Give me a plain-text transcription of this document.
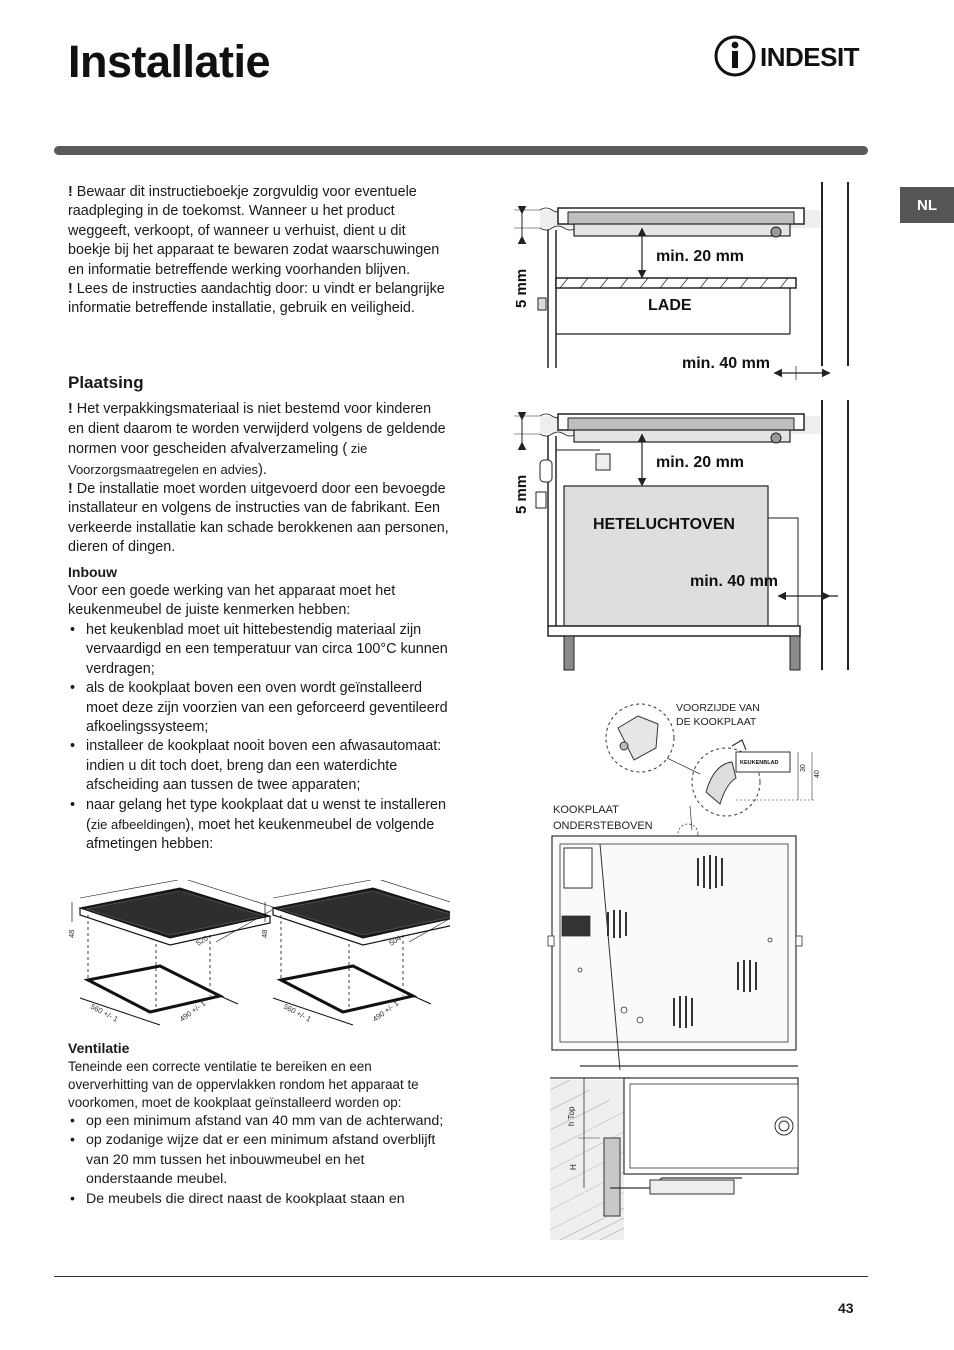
Installatie	INDESIT
NL

! Bewaar dit instructieboekje zorgvuldig voor eventuele raadpleging in de toekomst. Wanneer u het product weggeeft, verkoopt, of wanneer u verhuist, dient u dit boekje bij het apparaat te bewaren zodat waarschuwingen en informatie betreffende werking voorhanden blijven.

! Lees de instructies aandachtig door: u vindt er belangrijke informatie betreffende installatie, gebruik en veiligheid.

Plaatsing

! Het verpakkingsmateriaal is niet bestemd voor kinderen en dient daarom te worden verwijderd volgens de geldende normen voor gescheiden afvalverzameling ( zie Voorzorgsmaatregelen en advies).

! De installatie moet worden uitgevoerd door een bevoegde installateur en volgens de instructies van de fabrikant. Een verkeerde installatie kan schade berokkenen aan personen, dieren of dingen.

Inbouw

Voor een goede werking van het apparaat moet het keukenmeubel de juiste kenmerken hebben:

• het keukenblad moet uit hittebestendig materiaal zijn vervaardigd en een temperatuur van circa 100°C kunnen verdragen;
• als de kookplaat boven een oven wordt geïnstalleerd moet deze zijn voorzien van een geforceerd geventileerd afkoelingssysteem;
• installeer de kookplaat nooit boven een afwasautomaat: indien u dit toch doet, breng dan een waterdichte afscheiding aan tussen de twee apparaten;
• naar gelang het type kookplaat dat u wenst te installeren (zie afbeeldingen), moet het keukenmeubel de volgende afmetingen hebben:
590
520
48
560 +/- 1	490 +/- 1
574
504
48
560 +/- 1	490 +/- 1
Ventilatie

Teneinde een correcte ventilatie te bereiken en een oververhitting van de oppervlakken rondom het apparaat te voorkomen, moet de kookplaat geïnstalleerd worden op:

• op een minimum afstand van 40 mm van de achterwand;
• op zodanige wijze dat er een minimum afstand overblijft van 20 mm tussen het inbouwmeubel en het onderstaande meubel.
• De meubels die direct naast de kookplaat staan en
min. 20 mm
LADE
min. 40 mm
5 mm
min. 20 mm
HETELUCHTOVEN
min. 40 mm
5 mm
VOORZIJDE VAN
DE KOOKPLAAT
KEUKENBLAD
30
40
KOOKPLAAT
ONDERSTEBOVEN
h Top
H
43
